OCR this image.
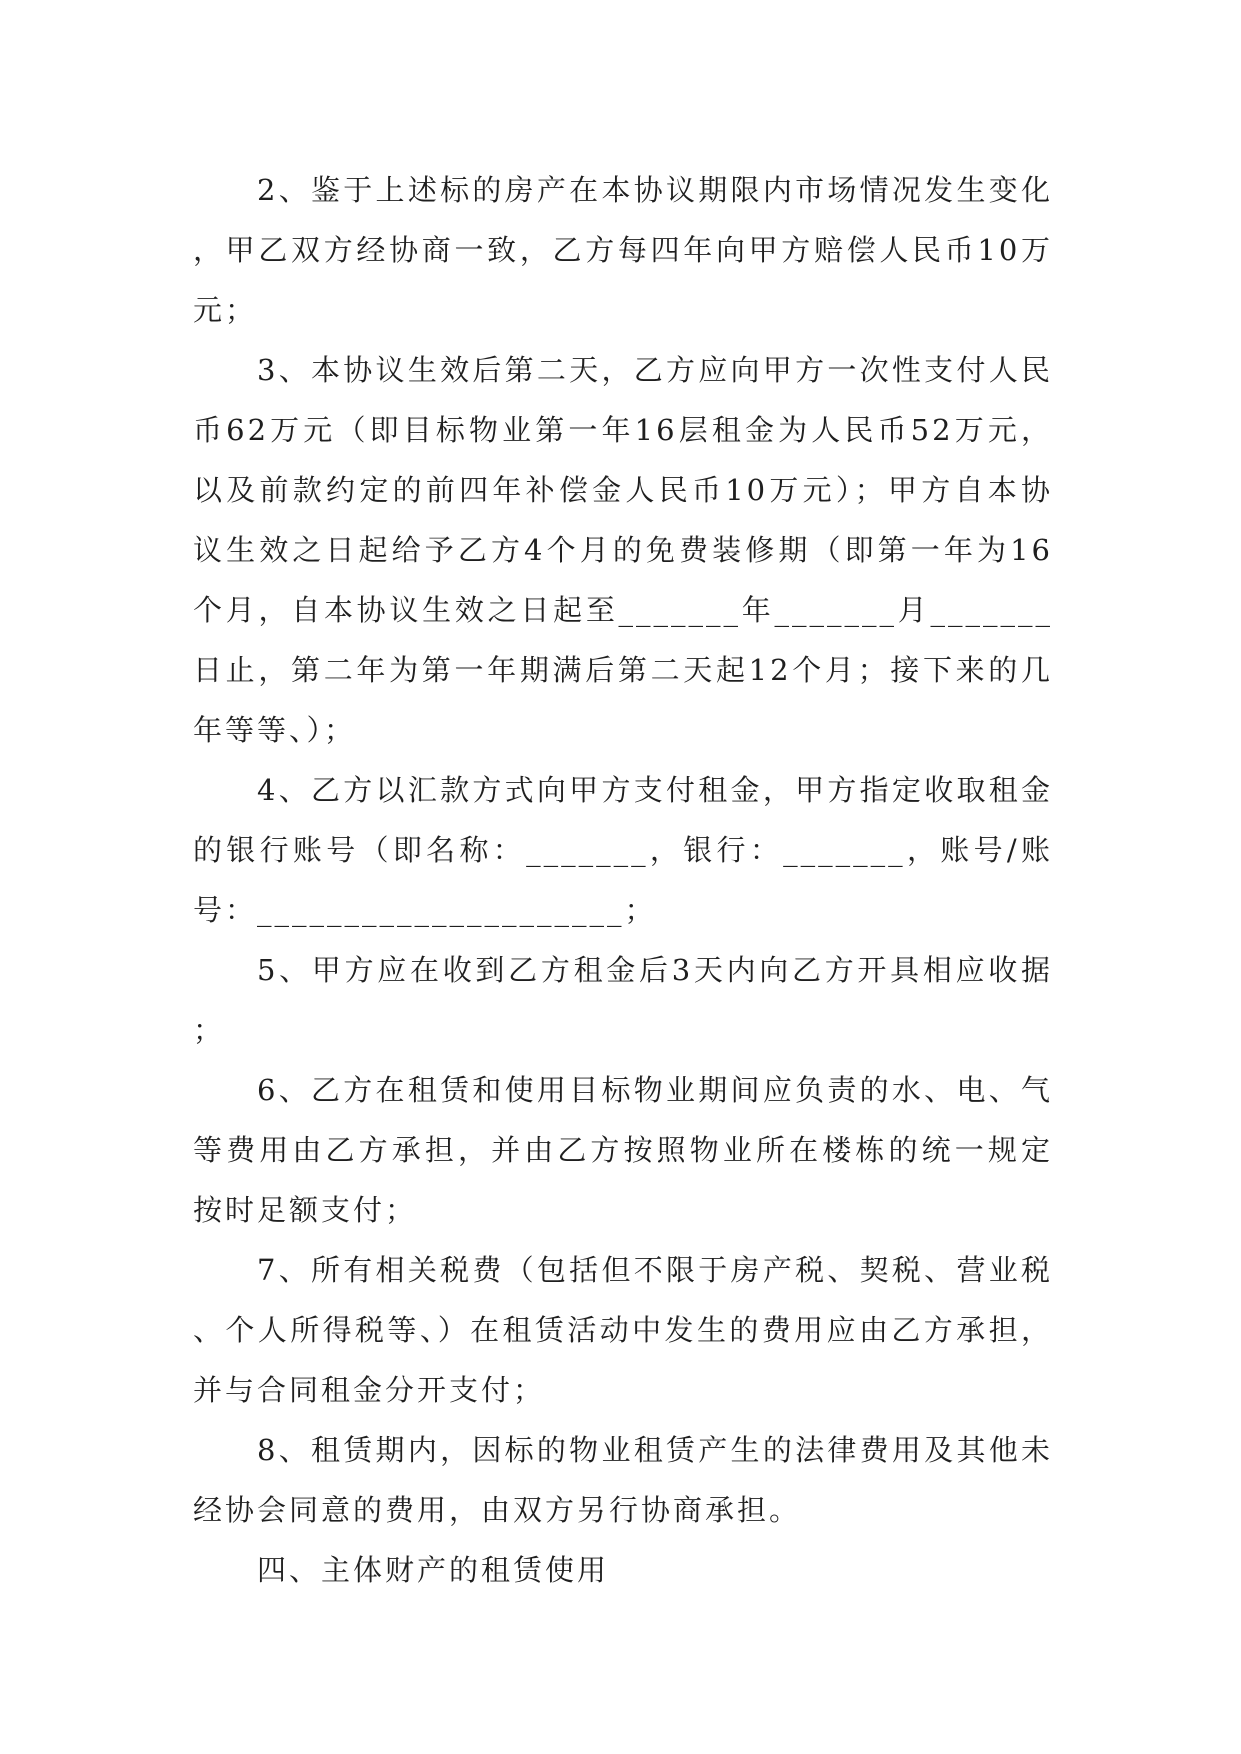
2、鉴于上述标的房产在本协议期限内市场情况发生变化，甲乙双方经协商一致，乙方每四年向甲方赔偿人民币10万元；

3、本协议生效后第二天，乙方应向甲方一次性支付人民币62万元（即目标物业第一年16层租金为人民币52万元，以及前款约定的前四年补偿金人民币10万元）；甲方自本协议生效之日起给予乙方4个月的免费装修期（即第一年为16个月，自本协议生效之日起至_______年_______月_______日止，第二年为第一年期满后第二天起12个月；接下来的几年等等、）；

4、乙方以汇款方式向甲方支付租金，甲方指定收取租金的银行账号（即名称：_______，银行：_______，账号/账号：_____________________；

5、甲方应在收到乙方租金后3天内向乙方开具相应收据；

6、乙方在租赁和使用目标物业期间应负责的水、电、气等费用由乙方承担，并由乙方按照物业所在楼栋的统一规定按时足额支付；

7、所有相关税费（包括但不限于房产税、契税、营业税、个人所得税等、）在租赁活动中发生的费用应由乙方承担，并与合同租金分开支付；

8、租赁期内，因标的物业租赁产生的法律费用及其他未经协会同意的费用，由双方另行协商承担。

四、主体财产的租赁使用
